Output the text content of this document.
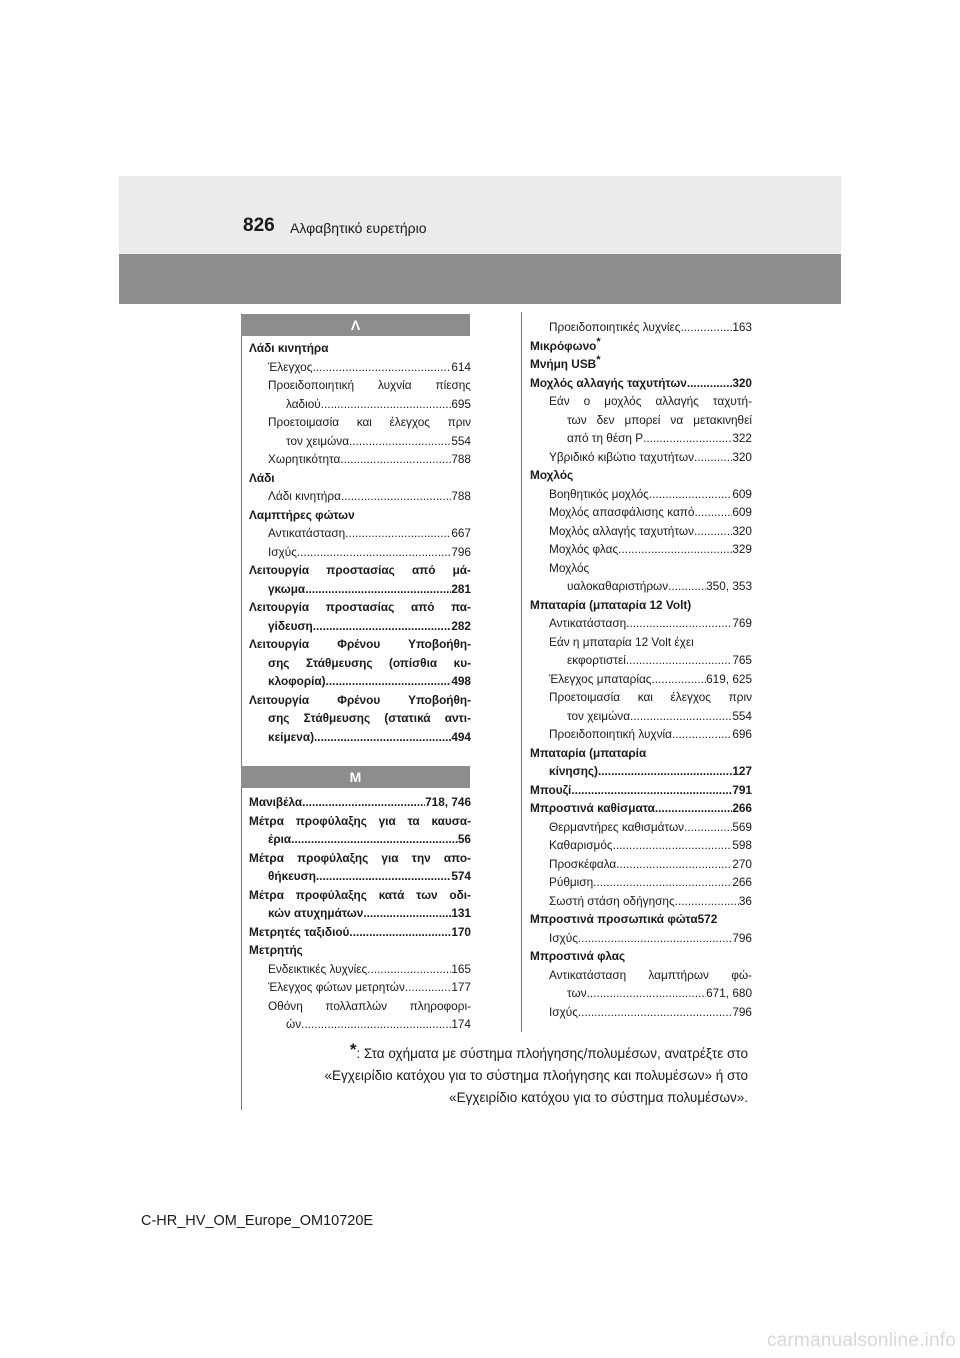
826 Αλφαβητικό ευρετήριο
Λ
Λάδι κινητήρα
Έλεγχος .....	614
Προειδοποιητική λυχνία πίεσης
λαδιού .....	695
Προετοιμασία και έλεγχος πριν
τον χειμώνα .....	554
Χωρητικότητα .....	788
Λάδι
Λάδι κινητήρα .....	788
Λαμπτήρες φώτων
Αντικατάσταση .....	667
Ισχύς .....	796
Λειτουργία προστασίας από μά-
γκωμα .....	281
Λειτουργία προστασίας από πα-
γίδευση .....	282
Λειτουργία Φρένου Υποβοήθη-
σης Στάθμευσης (οπίσθια κυ-
κλοφορία) .....	498
Λειτουργία Φρένου Υποβοήθη-
σης Στάθμευσης (στατικά αντι-
κείμενα) .....	494
Μ
Μανιβέλα .....	718, 746
Μέτρα προφύλαξης για τα καυσα-
έρια .....	56
Μέτρα προφύλαξης για την απο-
θήκευση .....	574
Μέτρα προφύλαξης κατά των οδι-
κών ατυχημάτων .....	131
Μετρητές ταξιδιού .....	170
Μετρητής
Ενδεικτικές λυχνίες .....	165
Έλεγχος φώτων μετρητών .....	177
Οθόνη πολλαπλών πληροφορι-
ών .....	174
Προειδοποιητικές λυχνίες .....	163
Μικρόφωνο*
Μνήμη USB*
Μοχλός αλλαγής ταχυτήτων .....	320
Εάν ο μοχλός αλλαγής ταχυτή-
των δεν μπορεί να μετακινηθεί
από τη θέση P .....	322
Υβριδικό κιβώτιο ταχυτήτων .....	320
Μοχλός
Βοηθητικός μοχλός .....	609
Μοχλός απασφάλισης καπό .....	609
Μοχλός αλλαγής ταχυτήτων .....	320
Μοχλός φλας .....	329
Μοχλός
υαλοκαθαριστήρων .....	350, 353
Μπαταρία (μπαταρία 12 Volt)
Αντικατάσταση .....	769
Εάν η μπαταρία 12 Volt έχει
εκφορτιστεί .....	765
Έλεγχος μπαταρίας .....	619, 625
Προετοιμασία και έλεγχος πριν
τον χειμώνα .....	554
Προειδοποιητική λυχνία .....	696
Μπαταρία (μπαταρία
κίνησης) .....	127
Μπουζί .....	791
Μπροστινά καθίσματα .....	266
Θερμαντήρες καθισμάτων .....	569
Καθαρισμός .....	598
Προσκέφαλα .....	270
Ρύθμιση .....	266
Σωστή στάση οδήγησης .....	36
Μπροστινά προσωπικά φώτα 572
Ισχύς .....	796
Μπροστινά φλας
Αντικατάσταση λαμπτήρων φώ-
των .....	671, 680
Ισχύς .....	796
*: Στα οχήματα με σύστημα πλοήγησης/πολυμέσων, ανατρέξτε στο
«Εγχειρίδιο κατόχου για το σύστημα πλοήγησης και πολυμέσων» ή στο
«Εγχειρίδιο κατόχου για το σύστημα πολυμέσων».
C-HR_HV_OM_Europe_OM10720E
carmanualsonline.info
